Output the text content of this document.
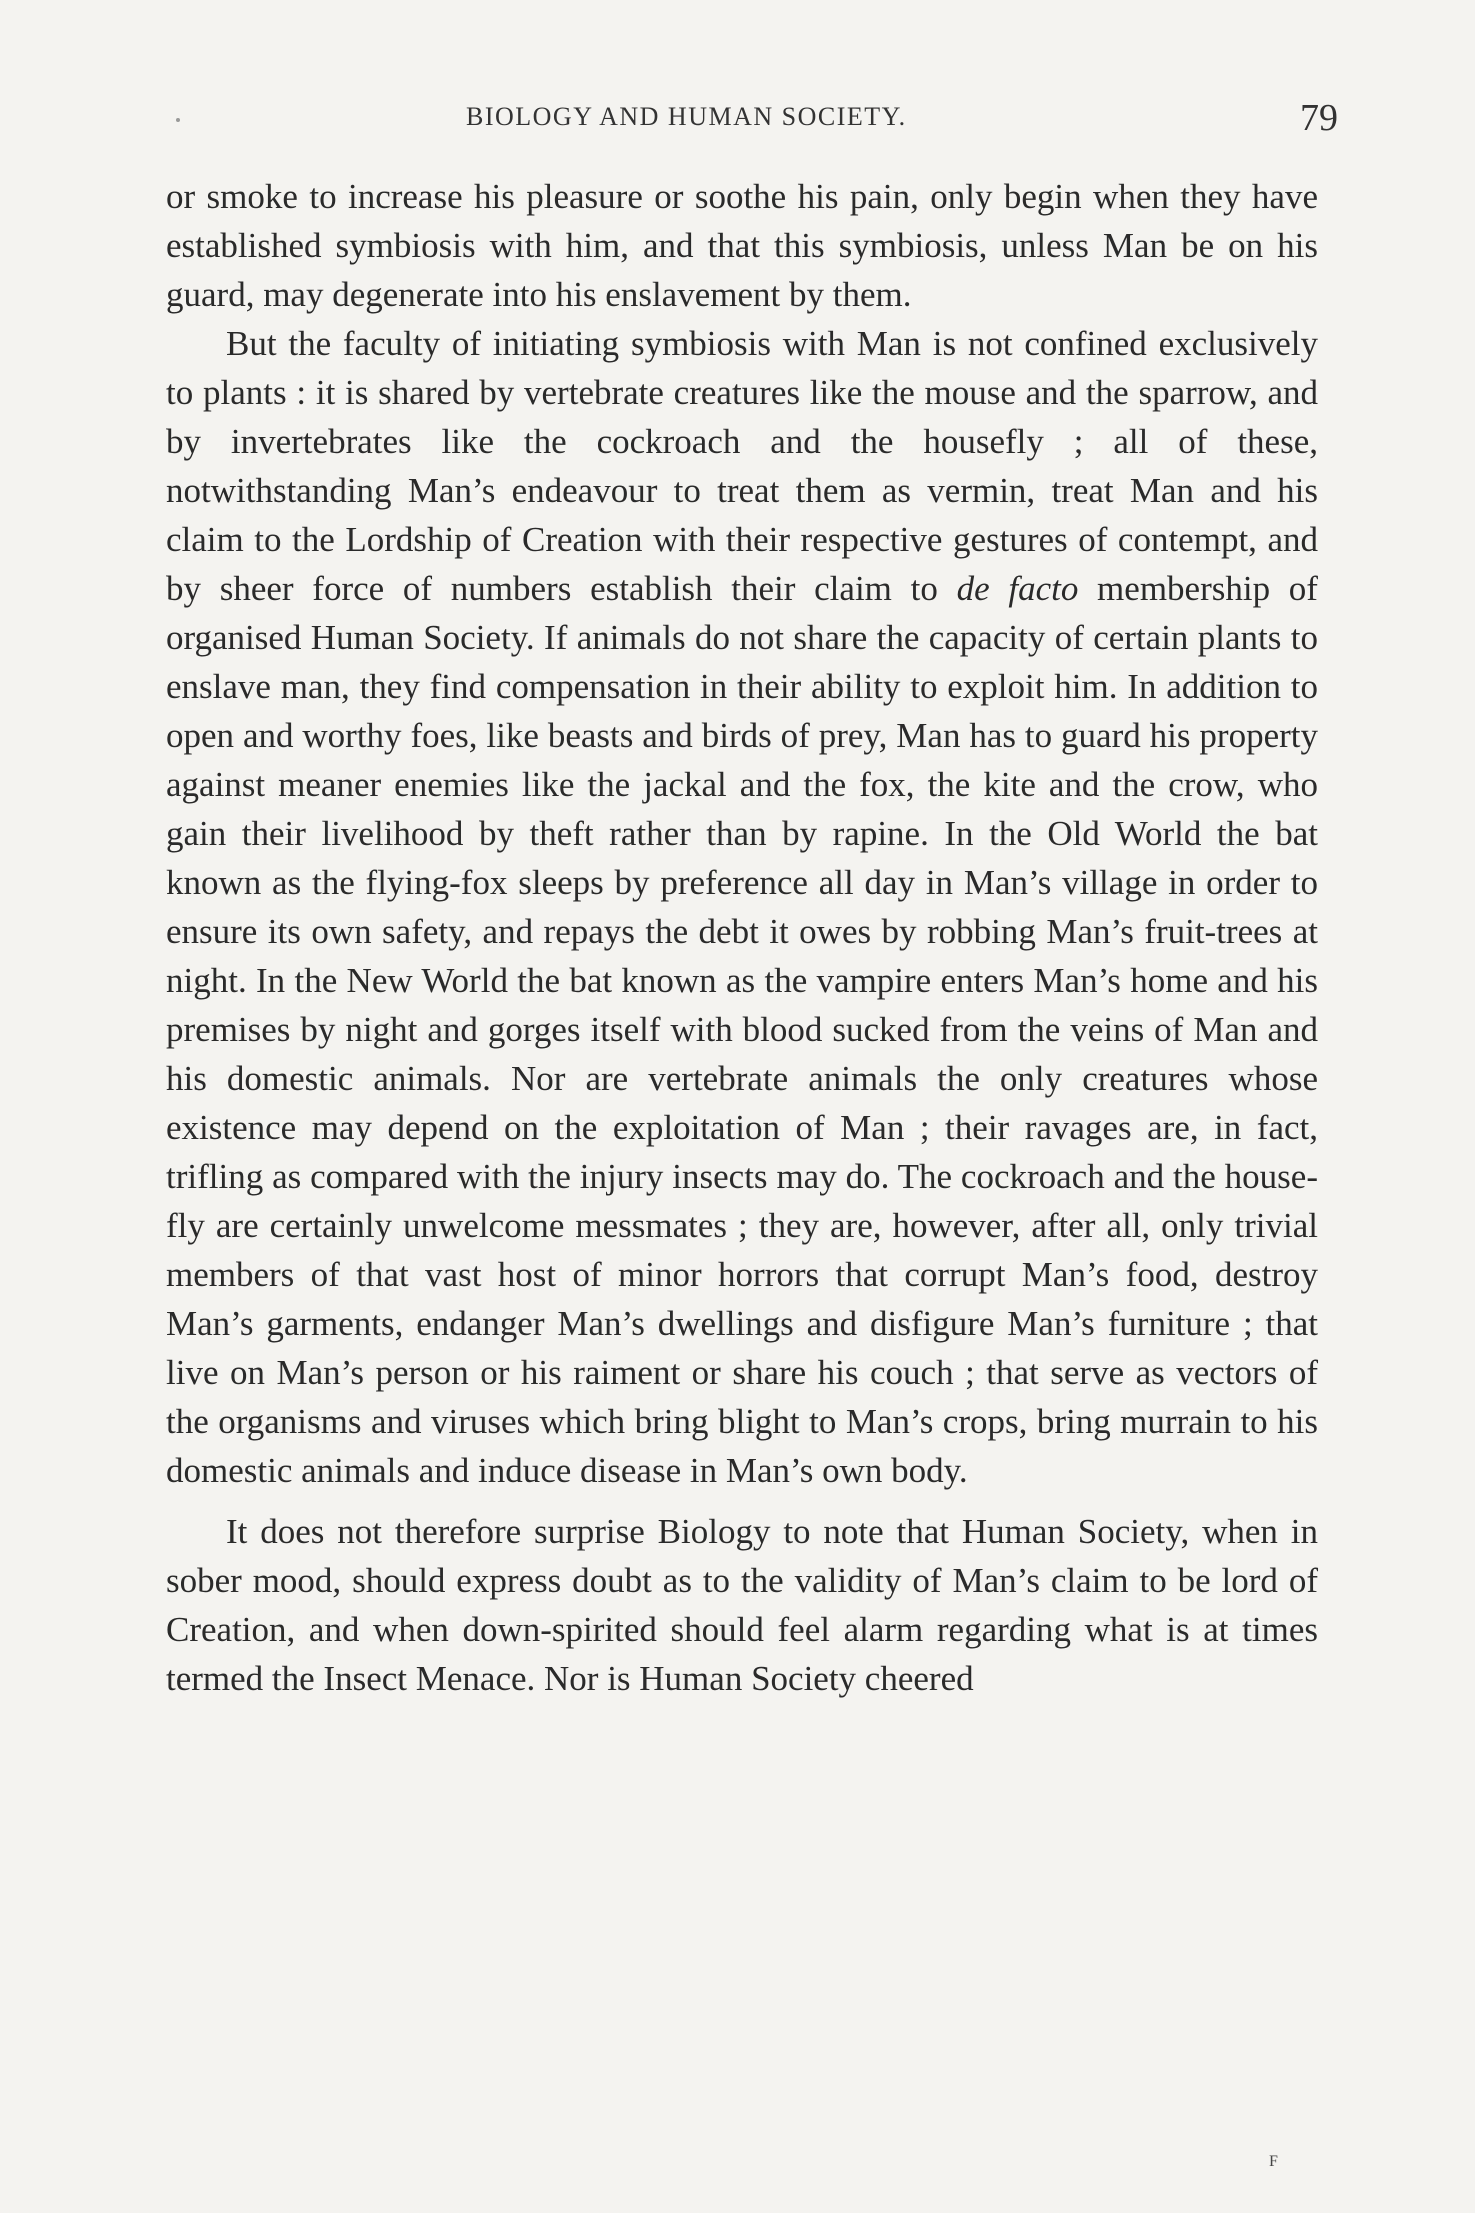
BIOLOGY AND HUMAN SOCIETY.	79

or smoke to increase his pleasure or soothe his pain, only begin when they have established symbiosis with him, and that this symbiosis, unless Man be on his guard, may degenerate into his enslavement by them.

But the faculty of initiating symbiosis with Man is not confined exclusively to plants : it is shared by vertebrate creatures like the mouse and the sparrow, and by invertebrates like the cockroach and the housefly ; all of these, notwithstanding Man’s endeavour to treat them as vermin, treat Man and his claim to the Lordship of Creation with their respective gestures of contempt, and by sheer force of numbers establish their claim to de facto membership of organised Human Society. If animals do not share the capacity of certain plants to enslave man, they find compensation in their ability to exploit him. In addition to open and worthy foes, like beasts and birds of prey, Man has to guard his property against meaner enemies like the jackal and the fox, the kite and the crow, who gain their livelihood by theft rather than by rapine. In the Old World the bat known as the flying-fox sleeps by preference all day in Man’s village in order to ensure its own safety, and repays the debt it owes by robbing Man’s fruit-trees at night. In the New World the bat known as the vampire enters Man’s home and his premises by night and gorges itself with blood sucked from the veins of Man and his domestic animals. Nor are vertebrate animals the only creatures whose existence may depend on the exploitation of Man ; their ravages are, in fact, trifling as compared with the injury insects may do. The cockroach and the house-fly are certainly unwelcome messmates ; they are, however, after all, only trivial members of that vast host of minor horrors that corrupt Man’s food, destroy Man’s garments, endanger Man’s dwellings and disfigure Man’s furniture ; that live on Man’s person or his raiment or share his couch ; that serve as vectors of the organisms and viruses which bring blight to Man’s crops, bring murrain to his domestic animals and induce disease in Man’s own body.

It does not therefore surprise Biology to note that Human Society, when in sober mood, should express doubt as to the validity of Man’s claim to be lord of Creation, and when down-spirited should feel alarm regarding what is at times termed the Insect Menace. Nor is Human Society cheered

F
